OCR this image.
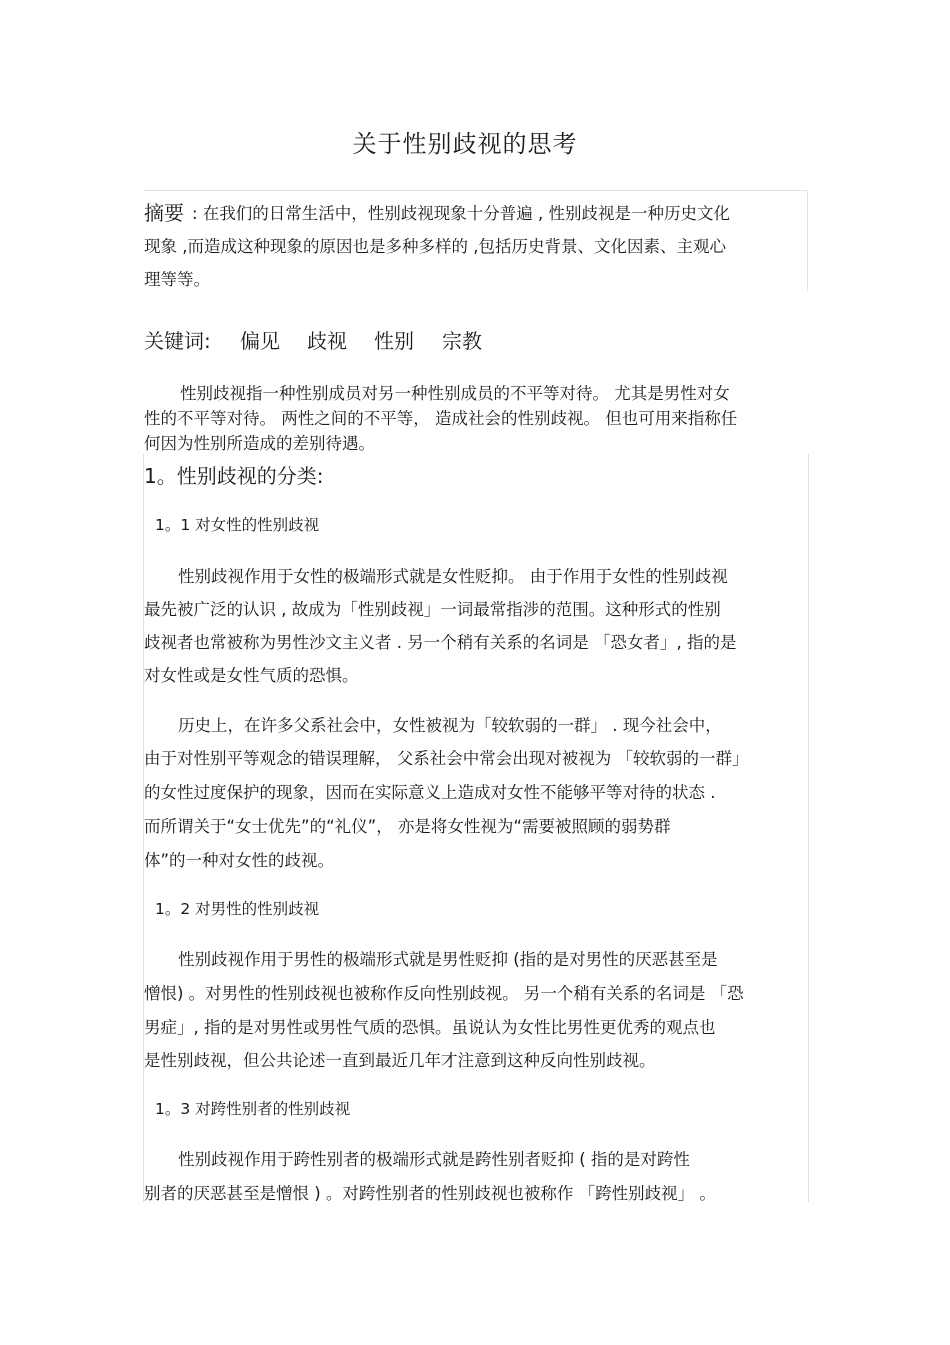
关于性别歧视的思考
摘要 : 在我们的日常生活中，性别歧视现象十分普遍 , 性别歧视是一种历史文化
现象 ,而造成这种现象的原因也是多种多样的 ,包括历史背景、文化因素、主观心
理等等。
关键词: 偏见 歧视 性别 宗教
性别歧视指一种性别成员对另一种性别成员的不平等对待。 尤其是男性对女
性的不平等对待。 两性之间的不平等， 造成社会的性别歧视。 但也可用来指称任
何因为性别所造成的差别待遇。
1。性别歧视的分类:
1。1 对女性的性别歧视
性别歧视作用于女性的极端形式就是女性贬抑。 由于作用于女性的性别歧视
最先被广泛的认识 , 故成为「性别歧视」一词最常指涉的范围。这种形式的性别
歧视者也常被称为男性沙文主义者 . 另一个稍有关系的名词是 「恐女者」, 指的是
对女性或是女性气质的恐惧。
历史上，在许多父系社会中，女性被视为「较软弱的一群」 . 现今社会中，
由于对性别平等观念的错误理解， 父系社会中常会出现对被视为 「较软弱的一群」
的女性过度保护的现象，因而在实际意义上造成对女性不能够平等对待的状态 .
而所谓关于“女士优先”的“礼仪”， 亦是将女性视为“需要被照顾的弱势群
体”的一种对女性的歧视。
1。2 对男性的性别歧视
性别歧视作用于男性的极端形式就是男性贬抑 (指的是对男性的厌恶甚至是
憎恨) 。对男性的性别歧视也被称作反向性别歧视。 另一个稍有关系的名词是 「恐
男症」, 指的是对男性或男性气质的恐惧。虽说认为女性比男性更优秀的观点也
是性别歧视，但公共论述一直到最近几年才注意到这种反向性别歧视。
1。3 对跨性别者的性别歧视
性别歧视作用于跨性别者的极端形式就是跨性别者贬抑 ( 指的是对跨性
别者的厌恶甚至是憎恨 ) 。对跨性别者的性别歧视也被称作 「跨性别歧视」 。
